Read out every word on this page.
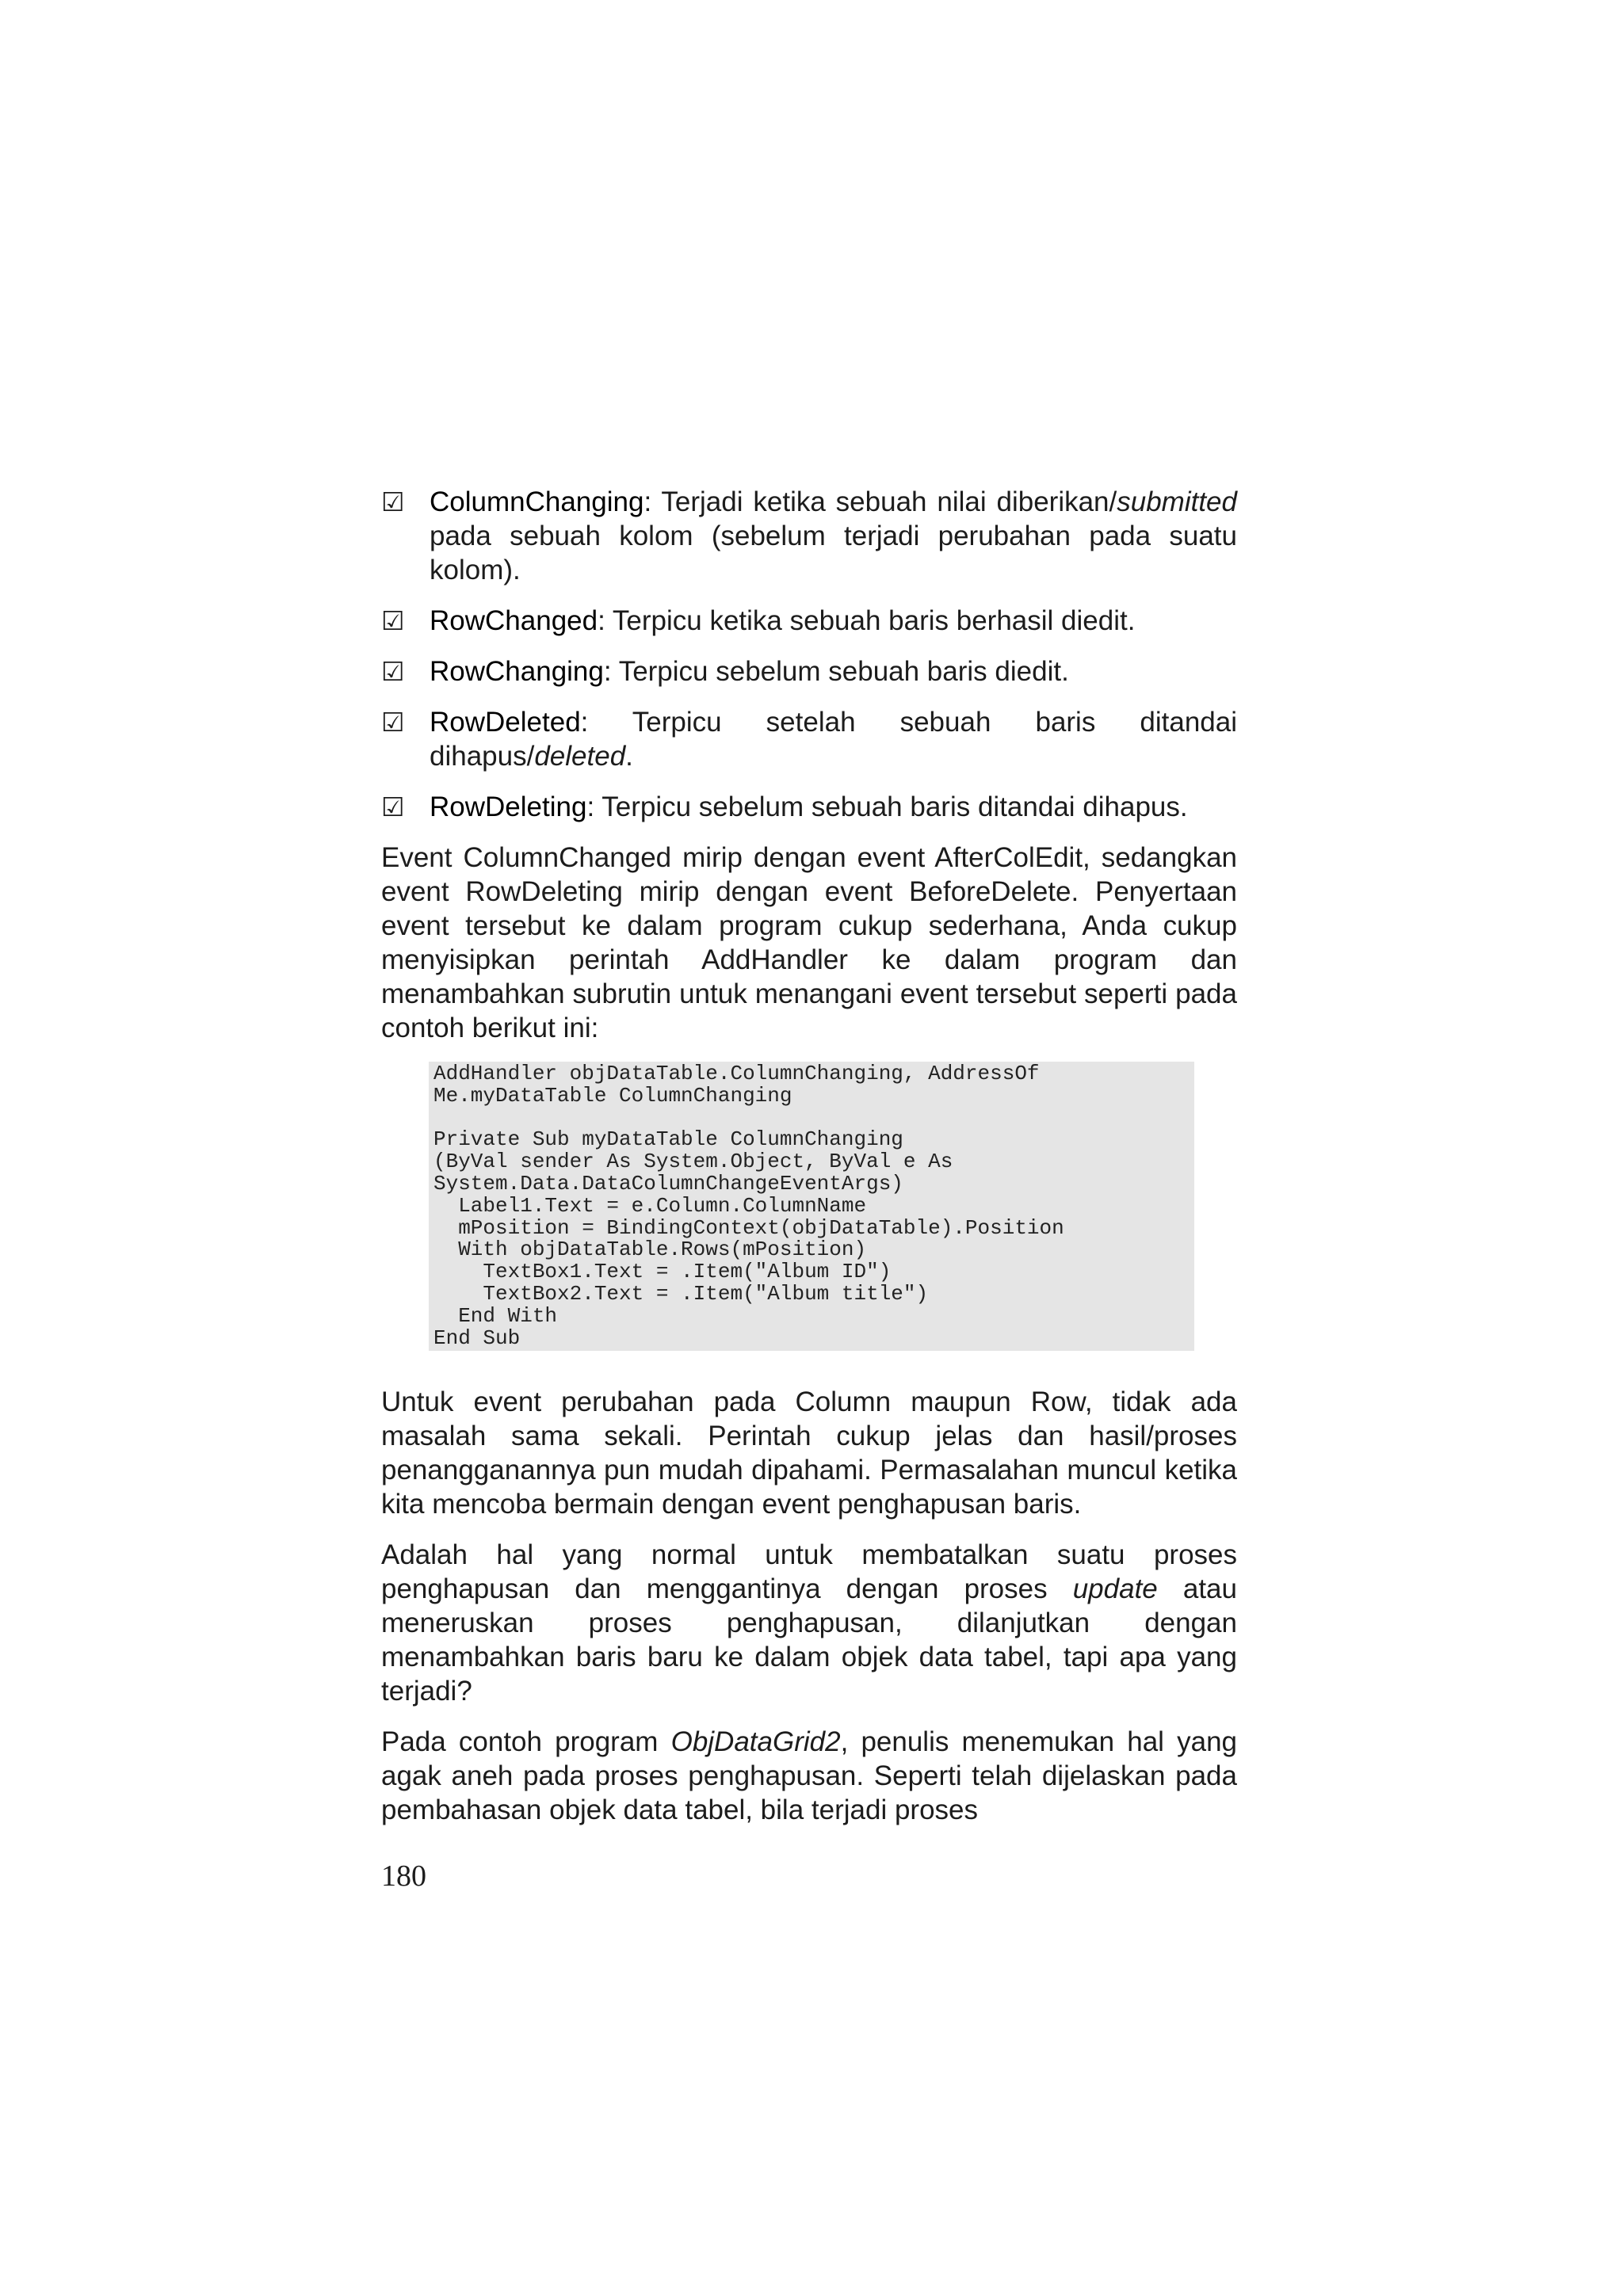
☑ ColumnChanging: Terjadi ketika sebuah nilai diberikan/submitted pada sebuah kolom (sebelum terjadi perubahan pada suatu kolom).
☑ RowChanged: Terpicu ketika sebuah baris berhasil diedit.
☑ RowChanging: Terpicu sebelum sebuah baris diedit.
☑ RowDeleted: Terpicu setelah sebuah baris ditandai dihapus/deleted.
☑ RowDeleting: Terpicu sebelum sebuah baris ditandai dihapus.

Event ColumnChanged mirip dengan event AfterColEdit, sedangkan event RowDeleting mirip dengan event BeforeDelete. Penyertaan event tersebut ke dalam program cukup sederhana, Anda cukup menyisipkan perintah AddHandler ke dalam program dan menambahkan subrutin untuk menangani event tersebut seperti pada contoh berikut ini:

AddHandler objDataTable.ColumnChanging, AddressOf
Me.myDataTable ColumnChanging
Private Sub myDataTable ColumnChanging
(ByVal sender As System.Object, ByVal e As
System.Data.DataColumnChangeEventArgs)
Label1.Text = e.Column.ColumnName
mPosition = BindingContext(objDataTable).Position
With objDataTable.Rows(mPosition)
TextBox1.Text = .Item("Album ID")
TextBox2.Text = .Item("Album title")
End With
End Sub

Untuk event perubahan pada Column maupun Row, tidak ada masalah sama sekali. Perintah cukup jelas dan hasil/proses penangganannya pun mudah dipahami. Permasalahan muncul ketika kita mencoba bermain dengan event penghapusan baris.

Adalah hal yang normal untuk membatalkan suatu proses penghapusan dan menggantinya dengan proses update atau meneruskan proses penghapusan, dilanjutkan dengan menambahkan baris baru ke dalam objek data tabel, tapi apa yang terjadi?

Pada contoh program ObjDataGrid2, penulis menemukan hal yang agak aneh pada proses penghapusan. Seperti telah dijelaskan pada pembahasan objek data tabel, bila terjadi proses

180
